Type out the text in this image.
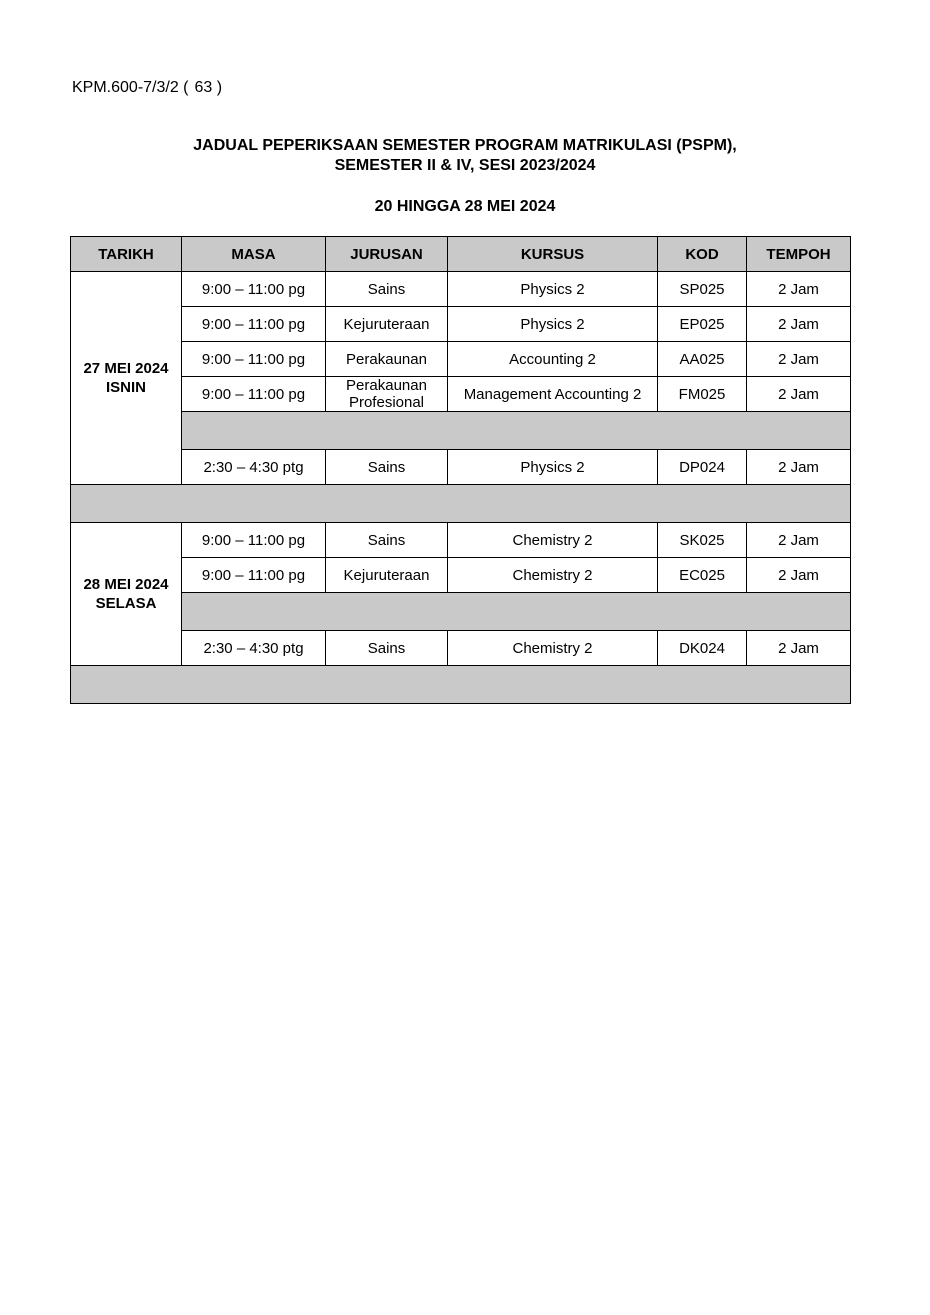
KPM.600-7/3/2 ( 63 )
JADUAL PEPERIKSAAN SEMESTER PROGRAM MATRIKULASI (PSPM),
SEMESTER II & IV, SESI 2023/2024
20 HINGGA 28 MEI 2024
TARIKH	MASA	JURUSAN	KURSUS	KOD	TEMPOH

27 MEI 2024
ISNIN	9:00 – 11:00 pg	Sains	Physics 2	SP025	2 Jam
	9:00 – 11:00 pg	Kejuruteraan	Physics 2	EP025	2 Jam
	9:00 – 11:00 pg	Perakaunan	Accounting 2	AA025	2 Jam
	9:00 – 11:00 pg	Perakaunan
Profesional	Management Accounting 2	FM025	2 Jam

	2:30 – 4:30 ptg	Sains	Physics 2	DP024	2 Jam

28 MEI 2024
SELASA	9:00 – 11:00 pg	Sains	Chemistry 2	SK025	2 Jam
	9:00 – 11:00 pg	Kejuruteraan	Chemistry 2	EC025	2 Jam

	2:30 – 4:30 ptg	Sains	Chemistry 2	DK024	2 Jam
